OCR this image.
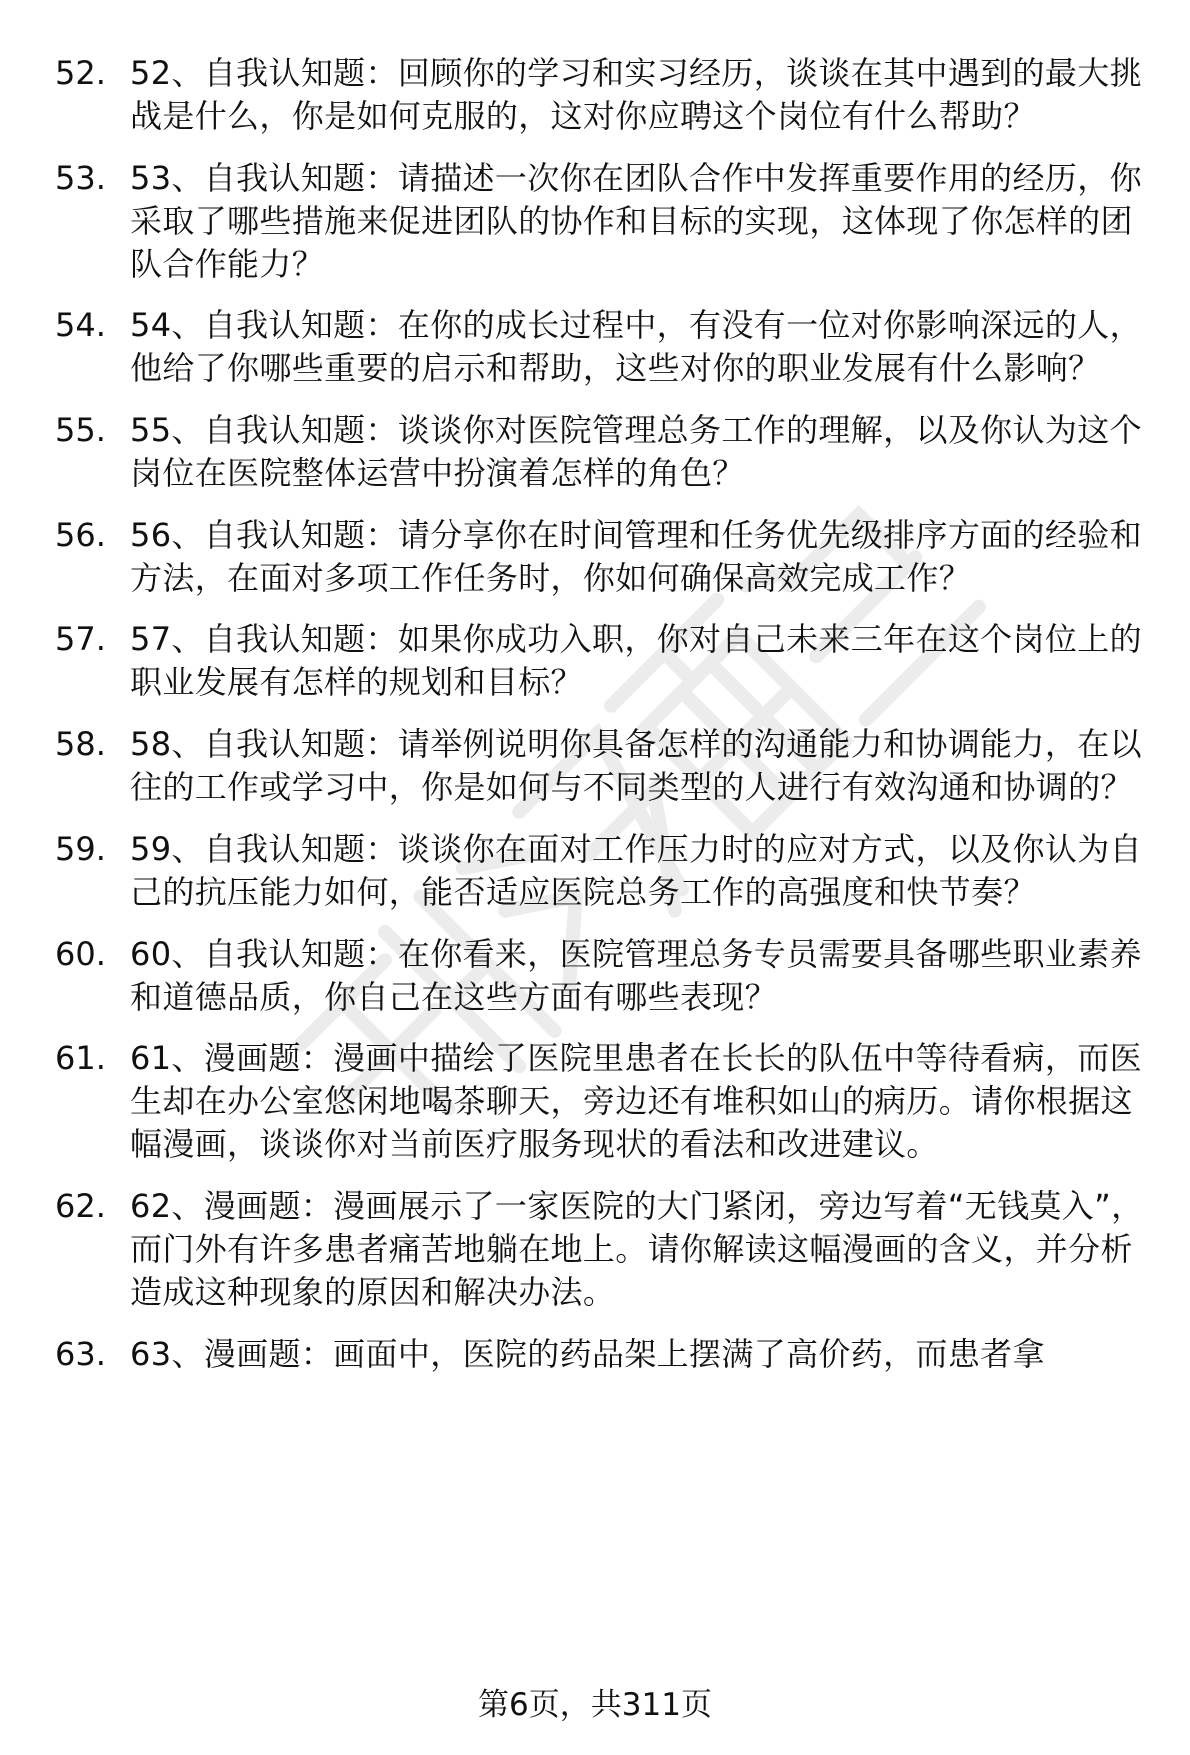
52. 52、自我认知题：回顾你的学习和实习经历，谈谈在其中遇到的最大挑战是什么，你是如何克服的，这对你应聘这个岗位有什么帮助？
53. 53、自我认知题：请描述一次你在团队合作中发挥重要作用的经历，你采取了哪些措施来促进团队的协作和目标的实现，这体现了你怎样的团队合作能力？
54. 54、自我认知题：在你的成长过程中，有没有一位对你影响深远的人，他给了你哪些重要的启示和帮助，这些对你的职业发展有什么影响？
55. 55、自我认知题：谈谈你对医院管理总务工作的理解，以及你认为这个岗位在医院整体运营中扮演着怎样的角色？
56. 56、自我认知题：请分享你在时间管理和任务优先级排序方面的经验和方法，在面对多项工作任务时，你如何确保高效完成工作？
57. 57、自我认知题：如果你成功入职，你对自己未来三年在这个岗位上的职业发展有怎样的规划和目标？
58. 58、自我认知题：请举例说明你具备怎样的沟通能力和协调能力，在以往的工作或学习中，你是如何与不同类型的人进行有效沟通和协调的？
59. 59、自我认知题：谈谈你在面对工作压力时的应对方式，以及你认为自己的抗压能力如何，能否适应医院总务工作的高强度和快节奏？
60. 60、自我认知题：在你看来，医院管理总务专员需要具备哪些职业素养和道德品质，你自己在这些方面有哪些表现？
61. 61、漫画题：漫画中描绘了医院里患者在长长的队伍中等待看病，而医生却在办公室悠闲地喝茶聊天，旁边还有堆积如山的病历。请你根据这幅漫画，谈谈你对当前医疗服务现状的看法和改进建议。
62. 62、漫画题：漫画展示了一家医院的大门紧闭，旁边写着“无钱莫入”，而门外有许多患者痛苦地躺在地上。请你解读这幅漫画的含义，并分析造成这种现象的原因和解决办法。
63. 63、漫画题：画面中，医院的药品架上摆满了高价药，而患者拿
第6页，共311页
